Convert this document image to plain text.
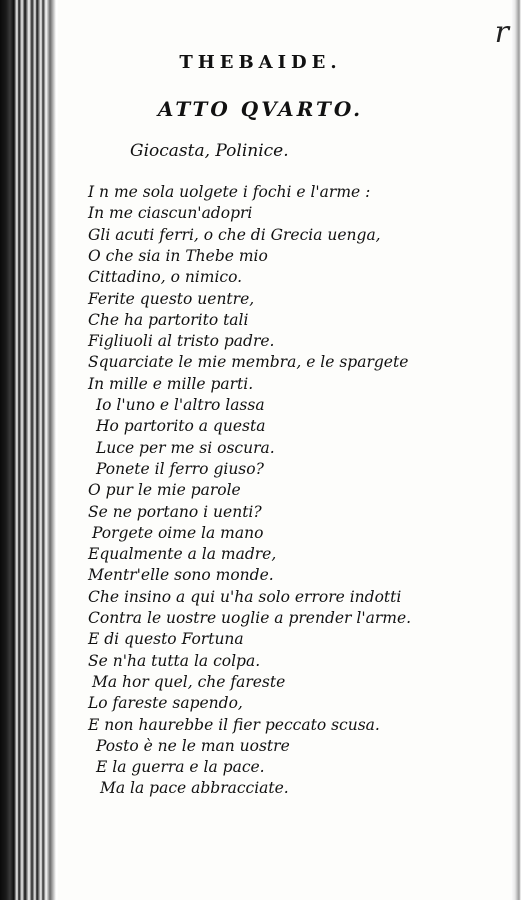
r
THEBAIDE.
ATTO QVARTO.
Giocasta, Polinice.
I n me sola uolgete i fochi e l'arme :
In me ciascun'adopri
Gli acuti ferri, o che di Grecia uenga,
O che sia in Thebe mio
Cittadino, o nimico.
Ferite questo uentre,
Che ha partorito tali
Figliuoli al tristo padre.
Squarciate le mie membra, e le spargete
In mille e mille parti.
Io l'uno e l'altro lassa
Ho partorito a questa
Luce per me si oscura.
Ponete il ferro giuso?
O pur le mie parole
Se ne portano i uenti?
Porgete oime la mano
Equalmente a la madre,
Mentr'elle sono monde.
Che insino a qui u'ha solo errore indotti
Contra le uostre uoglie a prender l'arme.
E di questo Fortuna
Se n'ha tutta la colpa.
Ma hor quel, che fareste
Lo fareste sapendo,
E non haurebbe il fier peccato scusa.
Posto è ne le man uostre
E la guerra e la pace.
Ma la pace abbracciate.
